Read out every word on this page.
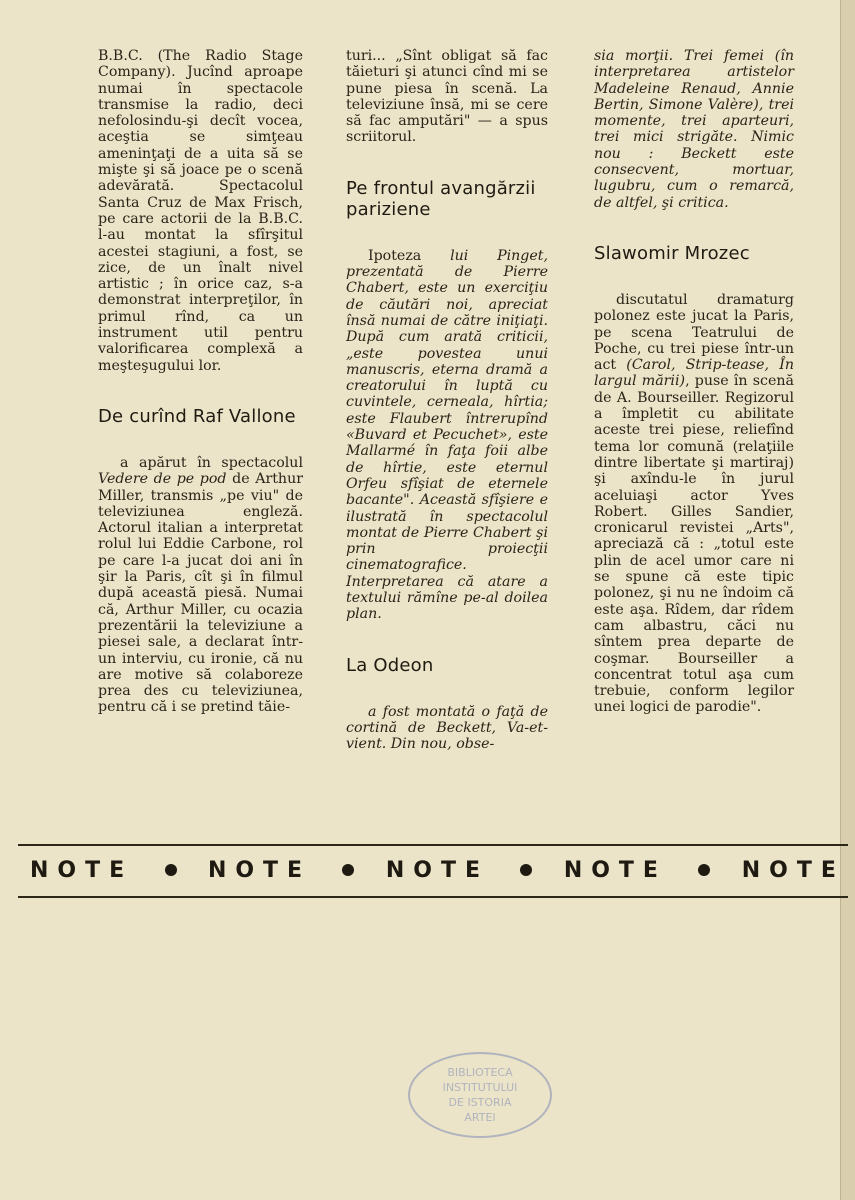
B.B.C. (The Radio Stage Company). Jucînd aproape numai în spectacole transmise la radio, deci nefolosindu-şi decît vocea, aceştia se simţeau ameninţaţi de a uita să se mişte şi să joace pe o scenă adevărată. Spectacolul Santa Cruz de Max Frisch, pe care actorii de la B.B.C. l-au montat la sfîrşitul acestei stagiuni, a fost, se zice, de un înalt nivel artistic ; în orice caz, s-a demonstrat interpreţilor, în primul rînd, ca un instrument util pentru valorificarea complexă a meşteşugului lor.

De curînd Raf Vallone

a apărut în spectacolul Vedere de pe pod de Arthur Miller, transmis „pe viu" de televiziunea engleză. Actorul italian a interpretat rolul lui Eddie Carbone, rol pe care l-a jucat doi ani în şir la Paris, cît şi în filmul după această piesă. Numai că, Arthur Miller, cu ocazia prezentării la televiziune a piesei sale, a declarat într-un interviu, cu ironie, că nu are motive să colaboreze prea des cu televiziunea, pentru că i se pretind tăie-

turi... „Sînt obligat să fac tăieturi şi atunci cînd mi se pune piesa în scenă. La televiziune însă, mi se cere să fac amputări" — a spus scriitorul.

Pe frontul avangărzii pariziene

Ipoteza lui Pinget, prezentată de Pierre Chabert, este un exerciţiu de căutări noi, apreciat însă numai de către iniţiaţi. După cum arată criticii, „este povestea unui manuscris, eterna dramă a creatorului în luptă cu cuvintele, cerneala, hîrtia; este Flaubert întrerupînd «Buvard et Pecuchet», este Mallarmé în faţa foii albe de hîrtie, este eternul Orfeu sfîşiat de eternele bacante". Această sfîşiere e ilustrată în spectacolul montat de Pierre Chabert şi prin proiecţii cinematografice. Interpretarea că atare a textului rămîne pe-al doilea plan.

La Odeon

a fost montată o faţă de cortină de Beckett, Va-et-vient. Din nou, obse-

sia morţii. Trei femei (în interpretarea artistelor Madeleine Renaud, Annie Bertin, Simone Valère), trei momente, trei aparteuri, trei mici strigăte. Nimic nou : Beckett este consecvent, mortuar, lugubru, cum o remarcă, de altfel, şi critica.

Slawomir Mrozec

discutatul dramaturg polonez este jucat la Paris, pe scena Teatrului de Poche, cu trei piese într-un act (Carol, Strip-tease, În largul mării), puse în scenă de A. Bourseiller. Regizorul a împletit cu abilitate aceste trei piese, reliefînd tema lor comună (relaţiile dintre libertate şi martiraj) şi axîndu-le în jurul aceluiaşi actor Yves Robert. Gilles Sandier, cronicarul revistei „Arts", apreciază că : „totul este plin de acel umor care ni se spune că este tipic polonez, şi nu ne îndoim că este aşa. Rîdem, dar rîdem cam albastru, căci nu sîntem prea departe de coşmar. Bourseiller a concentrat totul aşa cum trebuie, conform legilor unei logici de parodie".

NOTE	NOTE	NOTE	NOTE	NOTE
BIBLIOTECA
INSTITUTULUI
DE ISTORIA
ARTEI
